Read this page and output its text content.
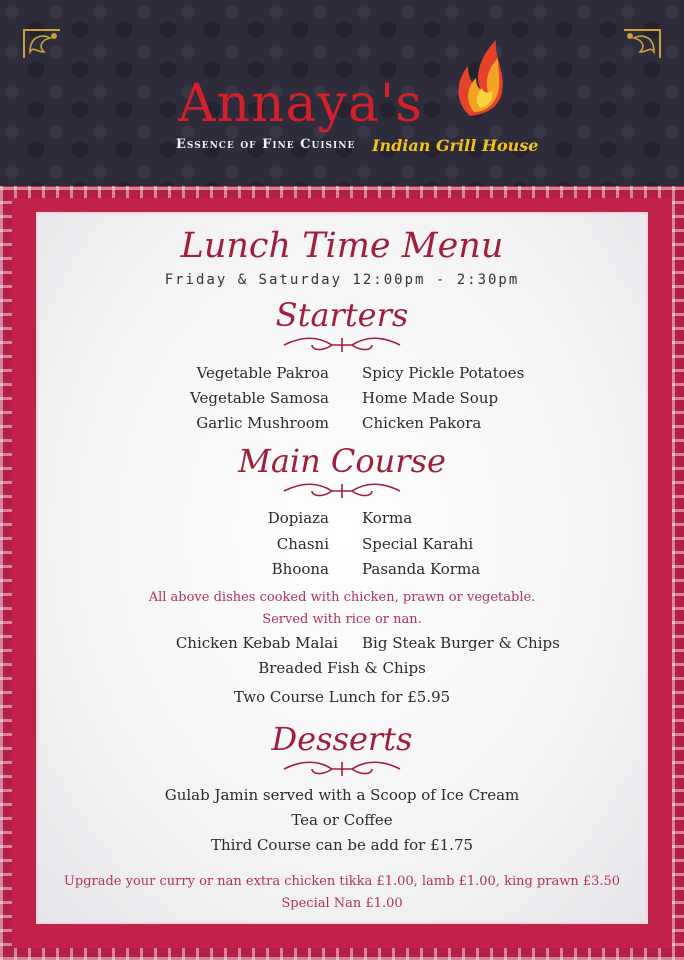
Annaya's
Essence of Fine Cuisine Indian Grill House
Lunch Time Menu
Friday & Saturday 12:00pm - 2:30pm
Starters
Vegetable Pakroa Spicy Pickle Potatoes
Vegetable Samosa Home Made Soup
Garlic Mushroom Chicken Pakora
Main Course
Dopiaza Korma
Chasni Special Karahi
Bhoona Pasanda Korma
All above dishes cooked with chicken, prawn or vegetable.
Served with rice or nan.
Chicken Kebab Malai Big Steak Burger & Chips
Breaded Fish & Chips
Two Course Lunch for £5.95
Desserts
Gulab Jamin served with a Scoop of Ice Cream
Tea or Coffee
Third Course can be add for £1.75
Upgrade your curry or nan extra chicken tikka £1.00, lamb £1.00, king prawn £3.50
Special Nan £1.00
